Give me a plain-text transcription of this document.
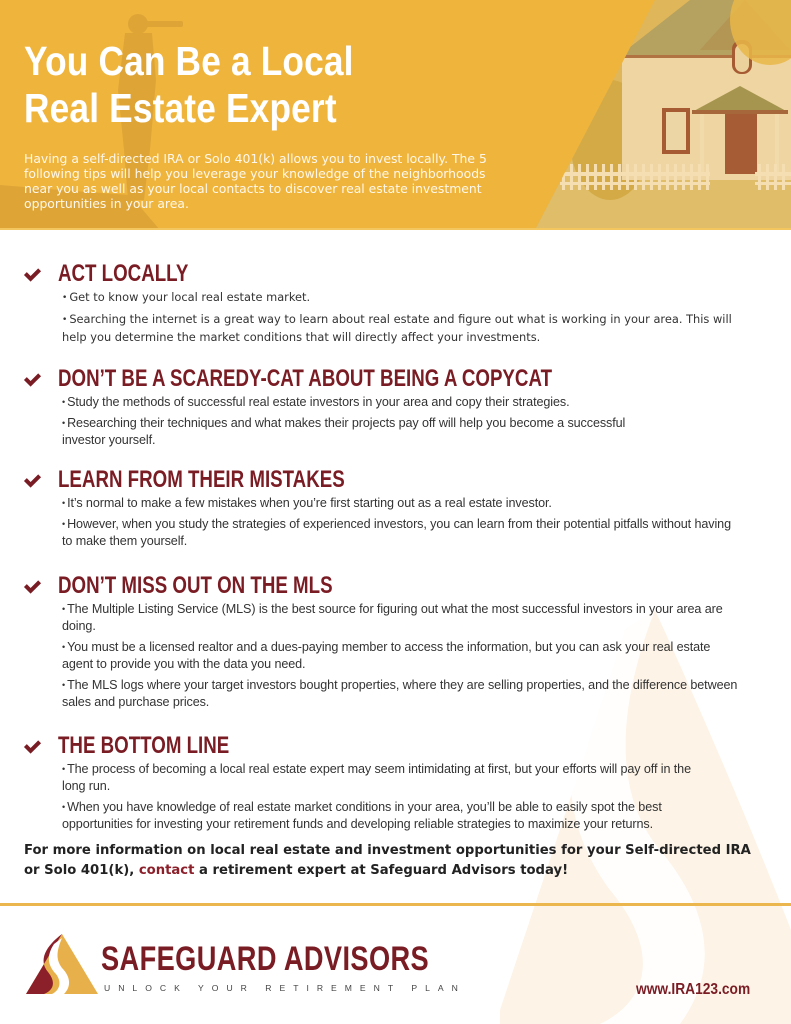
You Can Be a Local Real Estate Expert
Having a self-directed IRA or Solo 401(k) allows you to invest locally. The 5 following tips will help you leverage your knowledge of the neighborhoods near you as well as your local contacts to discover real estate investment opportunities in your area.
ACT LOCALLY
• Get to know your local real estate market.
• Searching the internet is a great way to learn about real estate and figure out what is working in your area. This will help you determine the market conditions that will directly affect your investments.
DON’T BE A SCAREDY-CAT ABOUT BEING A COPYCAT
• Study the methods of successful real estate investors in your area and copy their strategies.
• Researching their techniques and what makes their projects pay off will help you become a successful investor yourself.
LEARN FROM THEIR MISTAKES
• It’s normal to make a few mistakes when you’re first starting out as a real estate investor.
• However, when you study the strategies of experienced investors, you can learn from their potential pitfalls without having to make them yourself.
DON’T MISS OUT ON THE MLS
• The Multiple Listing Service (MLS) is the best source for figuring out what the most successful investors in your area are doing.
• You must be a licensed realtor and a dues-paying member to access the information, but you can ask your real estate agent to provide you with the data you need.
• The MLS logs where your target investors bought properties, where they are selling properties, and the difference between sales and purchase prices.
THE BOTTOM LINE
• The process of becoming a local real estate expert may seem intimidating at first, but your efforts will pay off in the long run.
• When you have knowledge of real estate market conditions in your area, you’ll be able to easily spot the best opportunities for investing your retirement funds and developing reliable strategies to maximize your returns.
For more information on local real estate and investment opportunities for your Self-directed IRA or Solo 401(k), contact a retirement expert at Safeguard Advisors today!
SAFEGUARD ADVISORS
UNLOCK YOUR RETIREMENT PLAN	www.IRA123.com
